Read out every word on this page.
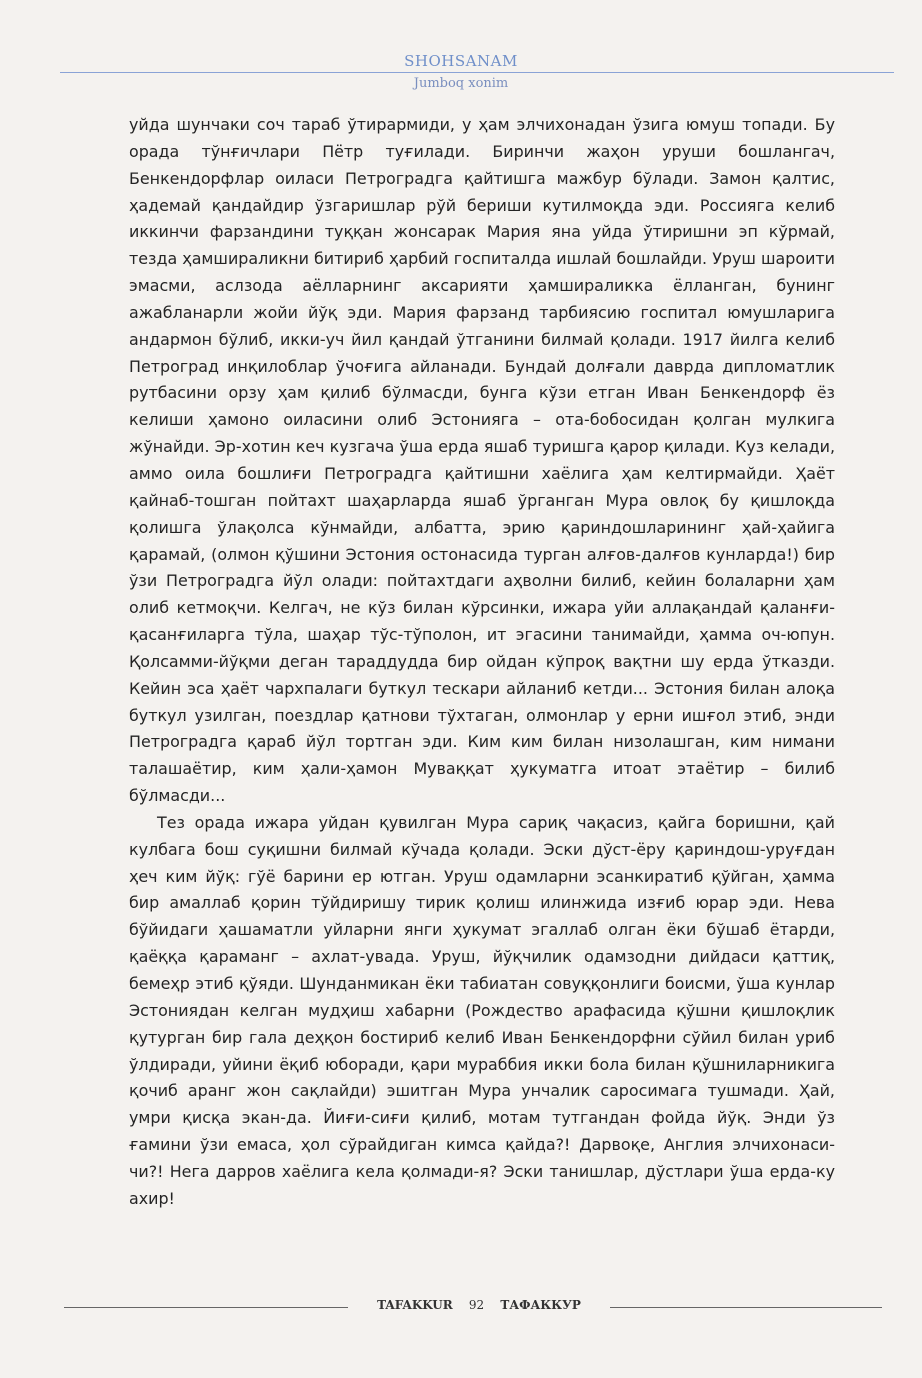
SHOHSANAM
Jumboq xonim

уйда шунчаки соч тараб ўтирармиди, у ҳам элчихонадан ўзига юмуш топади. Бу орада тўнғичлари Пётр туғилади. Биринчи жаҳон уруши бошлангач, Бенкендорфлар оиласи Петроградга қайтишга мажбур бўлади. Замон қалтис, ҳадемай қандайдир ўзгаришлар рўй бериши кутилмоқда эди. Россияга келиб иккинчи фарзандини туққан жонсарак Мария яна уйда ўтиришни эп кўрмай, тезда ҳамшираликни битириб ҳарбий госпиталда ишлай бошлайди. Уруш шароити эмасми, аслзода аёлларнинг аксарияти ҳамшираликка ёлланган, бунинг ажабланарли жойи йўқ эди. Мария фарзанд тарбиясию госпитал юмушларига андармон бўлиб, икки-уч йил қандай ўтганини билмай қолади. 1917 йилга келиб Петроград инқилоблар ўчоғига айланади. Бундай долғали даврда дипломатлик рутбасини орзу ҳам қилиб бўлмасди, бунга кўзи етган Иван Бенкендорф ёз келиши ҳамоно оиласини олиб Эстонияга – ота-бобосидан қолган мулкига жўнайди. Эр-хотин кеч кузгача ўша ерда яшаб туришга қарор қилади. Куз келади, аммо оила бошлиғи Петроградга қайтишни хаёлига ҳам келтирмайди. Ҳаёт қайнаб-тошган пойтахт шаҳарларда яшаб ўрганган Мура овлоқ бу қишлоқда қолишга ўлақолса кўнмайди, албатта, эрию қариндошларининг ҳай-ҳайига қарамай, (олмон қўшини Эстония остонасида турган алғов-далғов кунларда!) бир ўзи Петроградга йўл олади: пойтахтдаги аҳволни билиб, кейин болаларни ҳам олиб кетмоқчи. Келгач, не кўз билан кўрсинки, ижара уйи аллақандай қаланғи-қасанғиларга тўла, шаҳар тўс-тўполон, ит эгасини танимайди, ҳамма оч-юпун. Қолсамми-йўқми деган тараддудда бир ойдан кўпроқ вақтни шу ерда ўтказди. Кейин эса ҳаёт чархпалаги буткул тескари айланиб кетди... Эстония билан алоқа буткул узилган, поездлар қатнови тўхтаган, олмонлар у ерни ишғол этиб, энди Петроградга қараб йўл тортган эди. Ким ким билан низолашган, ким нимани талашаётир, ким ҳали-ҳамон Муваққат ҳукуматга итоат этаётир – билиб бўлмасди...

Тез орада ижара уйдан қувилган Мура сариқ чақасиз, қайга боришни, қай кулбага бош суқишни билмай кўчада қолади. Эски дўст-ёру қариндош-уруғдан ҳеч ким йўқ: гўё барини ер ютган. Уруш одамларни эсанкиратиб қўйган, ҳамма бир амаллаб қорин тўйдиришу тирик қолиш илинжида изғиб юрар эди. Нева бўйидаги ҳашаматли уйларни янги ҳукумат эгаллаб олган ёки бўшаб ётарди, қаёққа қараманг – ахлат-увада. Уруш, йўқчилик одамзодни дийдаси қаттиқ, бемеҳр этиб қўяди. Шунданмикан ёки табиатан совуққонлиги боисми, ўша кунлар Эстониядан келган мудҳиш хабарни (Рождество арафасида қўшни қишлоқлик қутурган бир гала деҳқон бостириб келиб Иван Бенкендорфни сўйил билан уриб ўлдиради, уйини ёқиб юборади, қари мураббия икки бола билан қўшниларникига қочиб аранг жон сақлайди) эшитган Мура унчалик саросимага тушмади. Ҳай, умри қисқа экан-да. Йиғи-сиғи қилиб, мотам тутгандан фойда йўқ. Энди ўз ғамини ўзи емаса, ҳол сўрайдиган кимса қайда?! Дарвоқе, Англия элчихонаси-чи?! Нега дарров хаёлига кела қолмади-я? Эски танишлар, дўстлари ўша ерда-ку ахир!

TAFAKKUR 92 ТАФАККУР
